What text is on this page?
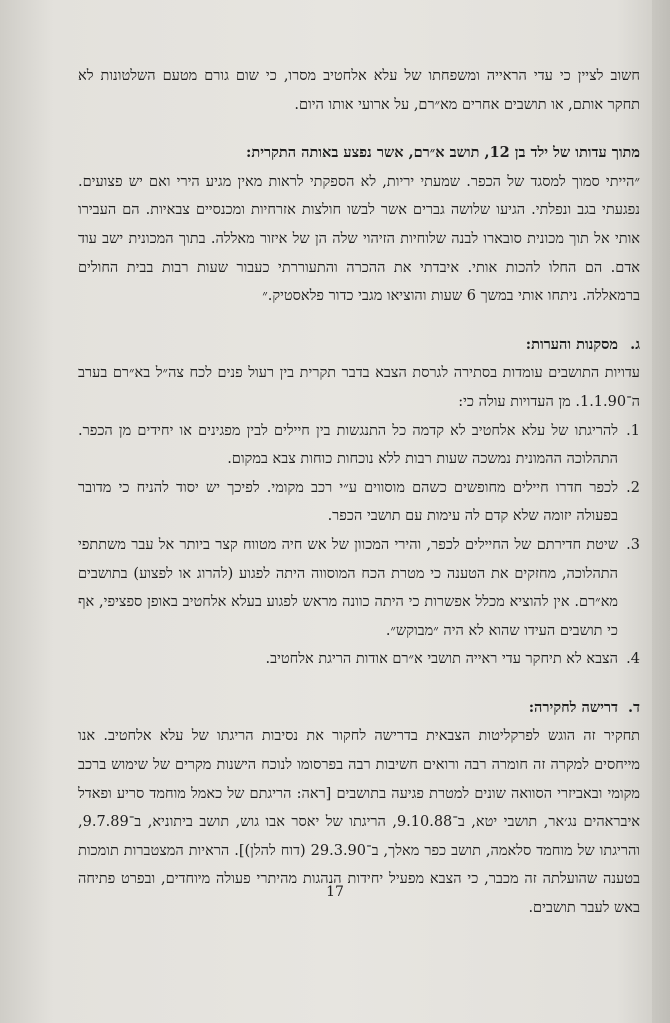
חשוב לציין כי עדי הראייה ומשפחתו של עלא אלחטיב מסרו, כי שום גורם מטעם השלטונות לא תחקר אותם, או תושבים אחרים מא״רם, על ארועי אותו היום.

מתוך עדותו של ילד בן 12, תושב א״רם, אשר נפצע באותה התקרית:

״הייתי סמוך למסגד של הכפר. שמעתי יריות, לא הספקתי לראות מאין מגיע הירי ואם יש פצועים. נפגעתי בגב ונפלתי. הגיעו שלושה גברים אשר לבשו חולצות אזרחיות ומכנסיים צבאיות. הם העבירו אותי אל תוך מכונית סובארו לבנה שלוחיות הזיהוי שלה הן של איזור מאללה. בתוך המכונית ישב עוד אדם. הם החלו להכות אותי. איבדתי את ההכרה והתעוררתי כעבור שעות רבות בבית החולים ברמאללה. ניתחו אותי במשך 6 שעות והוציאו מגבי כדור פלאסטיק.״

ג.מסקנות והערות:

עדויות התושבים עומדות בסתירה לגרסת הצבא בדבר תקרית בין רעול פנים לכח צה״ל בא״רם בערב ה־1.1.90. מן העדויות עולה כי:

1.
להריגתו של עלא אלחטיב לא קדמה כל התנגשות בין חיילים לבין מפגינים או יחידים מן הכפר. התהלוכה ההמונית נמשכה שעות רבות ללא נוכחות כוחות צבא במקום.
2.
לכפר חדרו חיילים מחופשים כשהם מוסווים ע״י רכב מקומי. לפיכך יש יסוד להניח כי מדובר בפעולה יזומה שלא קדם לה עימות עם תושבי הכפר.
3.
שיטת חדירתם של החיילים לכפר, והירי המכוון של אש חיה מטווח קצר ביותר אל עבר משתתפי התהלוכה, מחזקים את הטענה כי מטרת הכח המוסווה היתה לפגוע (להרוג או לפצוע) בתושבים מא״רם. אין להוציא מכלל אפשרות כי היתה כוונה מראש לפגוע בעלא אלחטיב באופן ספציפי, אף כי תושבים העידו שהוא לא היה ״מבוקש״.
4.
הצבא לא תיחקר עדי ראייה תושבי א״רם אודות הריגת אלחטיב.

ד.דרישה לחקירה:

תחקיר זה הוגש לפרקליטות הצבאית בדרישה לחקור את נסיבות הריגתו של עלא אלחטיב. אנו מייחסים למקרה זה חומרה רבה ורואים חשיבות רבה בפרסומו לנוכח הישנות מקרים של שימוש ברכב מקומי ובאביזרי הסוואה שונים למטרת פגיעה בתושבים [ראה: הריגתם של כאמל מוחמד סריע ופאדל איבראהים נג׳אר, תושבי יטא, ב־9.10.88, הריגתו של יאסר אבו גוש, תושב ביתוניא, ב־9.7.89, והריגתו של מוחמד סלאמה, תושב כפר מאלך, ב־29.3.90 (דוח להלן)]. הראיות המצטברות תומכות בטענה שהועלתה זה מכבר, כי הצבא מפעיל יחידות הנהגות מהיתרי פעולה מיוחדים, ובפרט פתיחה באש לעבר תושבים.

17
